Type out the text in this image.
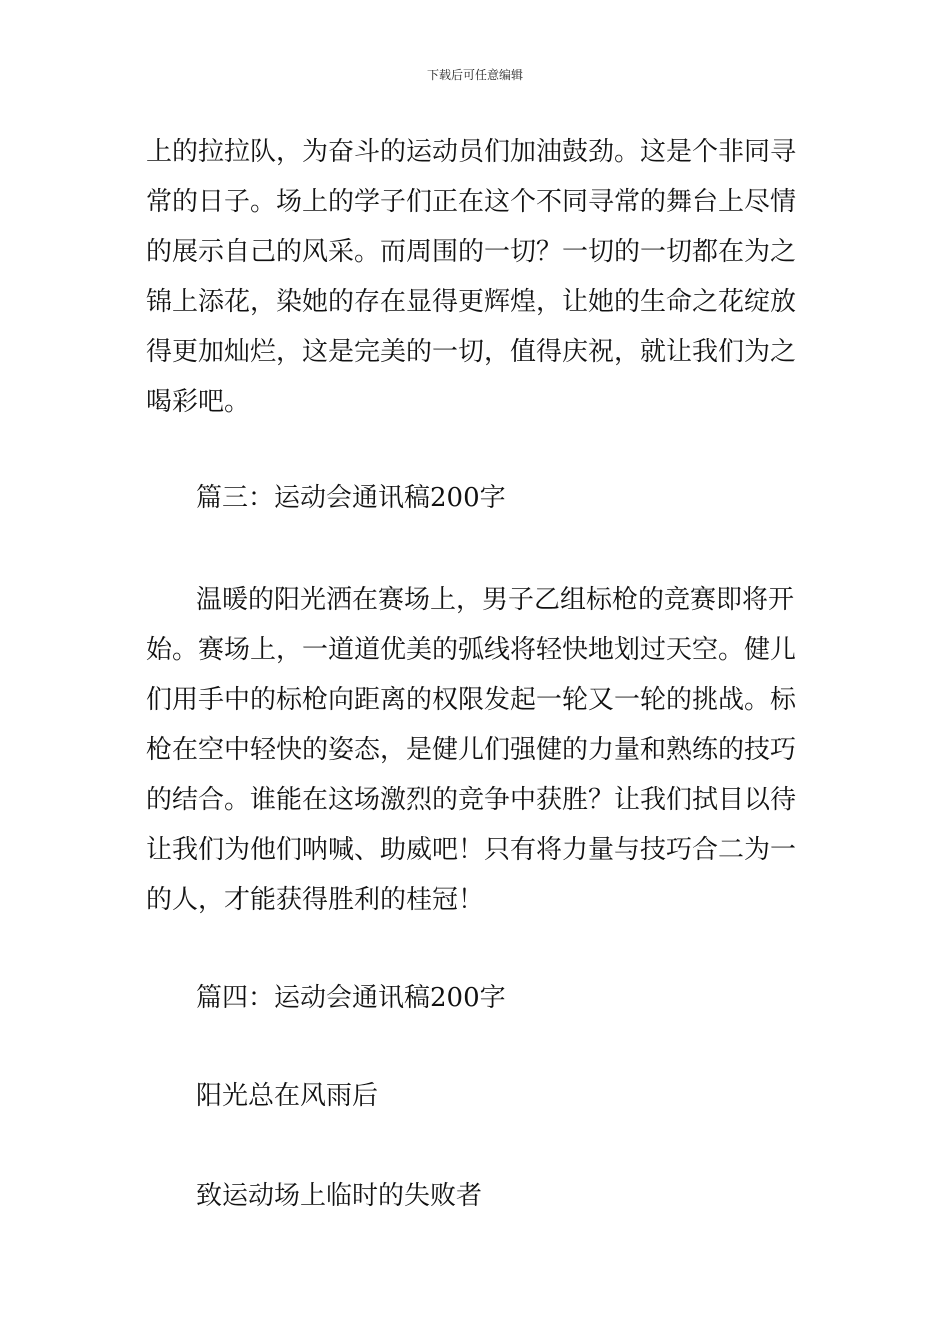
下载后可任意编辑
上的拉拉队，为奋斗的运动员们加油鼓劲。这是个非同寻
常的日子。场上的学子们正在这个不同寻常的舞台上尽情
的展示自己的风采。而周围的一切？一切的一切都在为之
锦上添花，染她的存在显得更辉煌，让她的生命之花绽放
得更加灿烂，这是完美的一切，值得庆祝，就让我们为之
喝彩吧。
篇三：运动会通讯稿200字
温暖的阳光洒在赛场上，男子乙组标枪的竞赛即将开
始。赛场上，一道道优美的弧线将轻快地划过天空。健儿
们用手中的标枪向距离的权限发起一轮又一轮的挑战。标
枪在空中轻快的姿态，是健儿们强健的力量和熟练的技巧
的结合。谁能在这场激烈的竞争中获胜？让我们拭目以待
让我们为他们呐喊、助威吧！只有将力量与技巧合二为一
的人，才能获得胜利的桂冠！
篇四：运动会通讯稿200字
阳光总在风雨后
致运动场上临时的失败者
